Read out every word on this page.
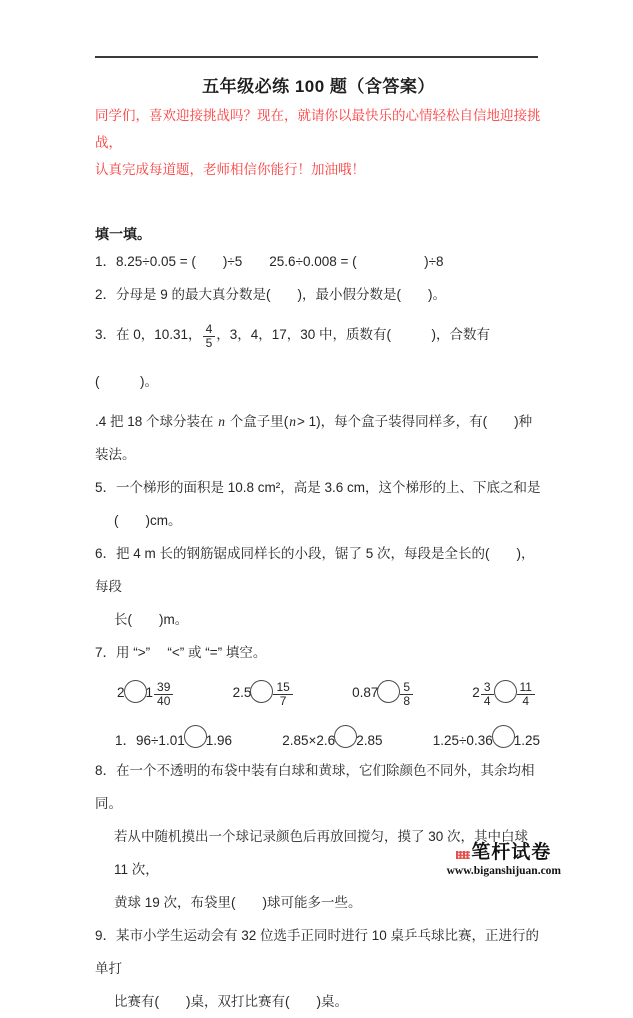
五年级必练 100 题（含答案）
同学们，喜欢迎接挑战吗？现在，就请你以最快乐的心情轻松自信地迎接挑战，
认真完成每道题，老师相信你能行！加油哦！
填一填。
1．8.25÷0.05 = (　　)÷5　　25.6÷0.008 = (　　　　　)÷8
2．分母是 9 的最大真分数是(　　)，最小假分数是(　　)。
3．在 0，10.31， $\frac{4}{5}$ ，3，4，17，30 中，质数有(　　　)，合数有(　　　)。
.4 把 18 个球分装在 n 个盒子里(n> 1)，每个盒子装得同样多，有(　　)种装法。
5．一个梯形的面积是 10.8 cm²，高是 3.6 cm，这个梯形的上、下底之和是
(　　)cm。
6．把 4 m 长的钢筋锯成同样长的小段，锯了 5 次，每段是全长的(　　)，每段
长(　　)m。
7．用 “>”　 “<” 或 “=” 填空。
2 $1 \frac{39}{40}$	$2.5 \frac{15}{7}$	$0.87 \frac{5}{8}$	$2 \frac{3}{4} \frac{11}{4}$
1．96÷1.01 1.96	2.85×2.6 2.85	1.25÷0.36 1.25
8．在一个不透明的布袋中装有白球和黄球，它们除颜色不同外，其余均相同。
若从中随机摸出一个球记录颜色后再放回搅匀，摸了 30 次，其中白球 11 次，
黄球 19 次，布袋里(　　)球可能多一些。
9．某市小学生运动会有 32 位选手正同时进行 10 桌乒乓球比赛，正进行的单打
比赛有(　　)桌，双打比赛有(　　)桌。
笔杆试卷
www.biganshijuan.com
